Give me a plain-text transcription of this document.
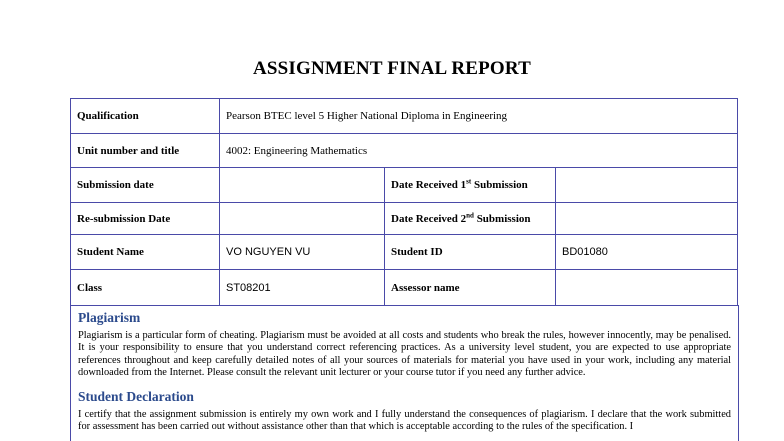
ASSIGNMENT FINAL REPORT
Qualification	Pearson BTEC level 5 Higher National Diploma in Engineering		
Unit number and title	4002: Engineering Mathematics		
Submission date		Date Received 1st Submission	
Re-submission Date		Date Received 2nd Submission	
Student Name	VO NGUYEN VU	Student ID	BD01080
Class	ST08201	Assessor name	
Plagiarism

Plagiarism is a particular form of cheating. Plagiarism must be avoided at all costs and students who break the rules, however innocently, may be penalised. It is your responsibility to ensure that you understand correct referencing practices. As a university level student, you are expected to use appropriate references throughout and keep carefully detailed notes of all your sources of materials for material you have used in your work, including any material downloaded from the Internet. Please consult the relevant unit lecturer or your course tutor if you need any further advice.

Student Declaration

I certify that the assignment submission is entirely my own work and I fully understand the consequences of plagiarism. I declare that the work submitted for assessment has been carried out without assistance other than that which is acceptable according to the rules of the specification. I
